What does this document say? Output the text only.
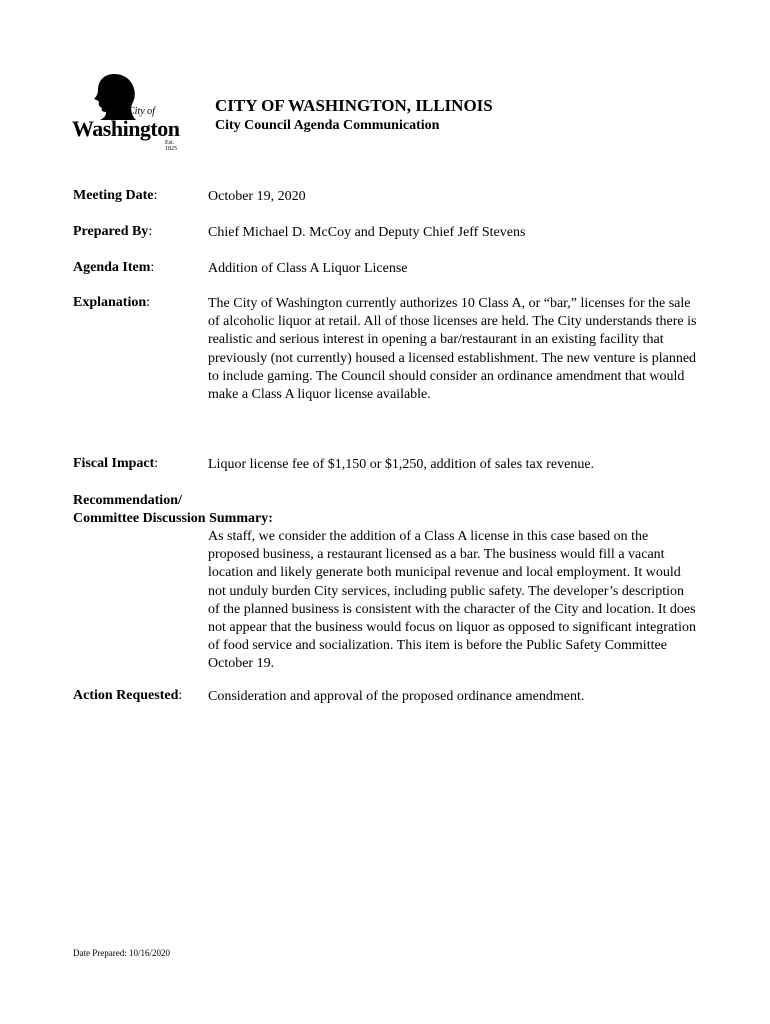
City of
Washington
Est. 1825
CITY OF WASHINGTON, ILLINOIS
City Council Agenda Communication
Meeting Date:	October 19, 2020
Prepared By:	Chief Michael D. McCoy and Deputy Chief Jeff Stevens
Agenda Item:	Addition of Class A Liquor License
Explanation:	The City of Washington currently authorizes 10 Class A, or “bar,” licenses for the sale of alcoholic liquor at retail. All of those licenses are held. The City understands there is realistic and serious interest in opening a bar/restaurant in an existing facility that previously (not currently) housed a licensed establishment. The new venture is planned to include gaming. The Council should consider an ordinance amendment that would make a Class A liquor license available.
Fiscal Impact:	Liquor license fee of $1,150 or $1,250, addition of sales tax revenue.
Recommendation/
Committee Discussion Summary:
As staff, we consider the addition of a Class A license in this case based on the proposed business, a restaurant licensed as a bar. The business would fill a vacant location and likely generate both municipal revenue and local employment. It would not unduly burden City services, including public safety. The developer’s description of the planned business is consistent with the character of the City and location. It does not appear that the business would focus on liquor as opposed to significant integration of food service and socialization. This item is before the Public Safety Committee October 19.
Action Requested: Consideration and approval of the proposed ordinance amendment.
Date Prepared: 10/16/2020
